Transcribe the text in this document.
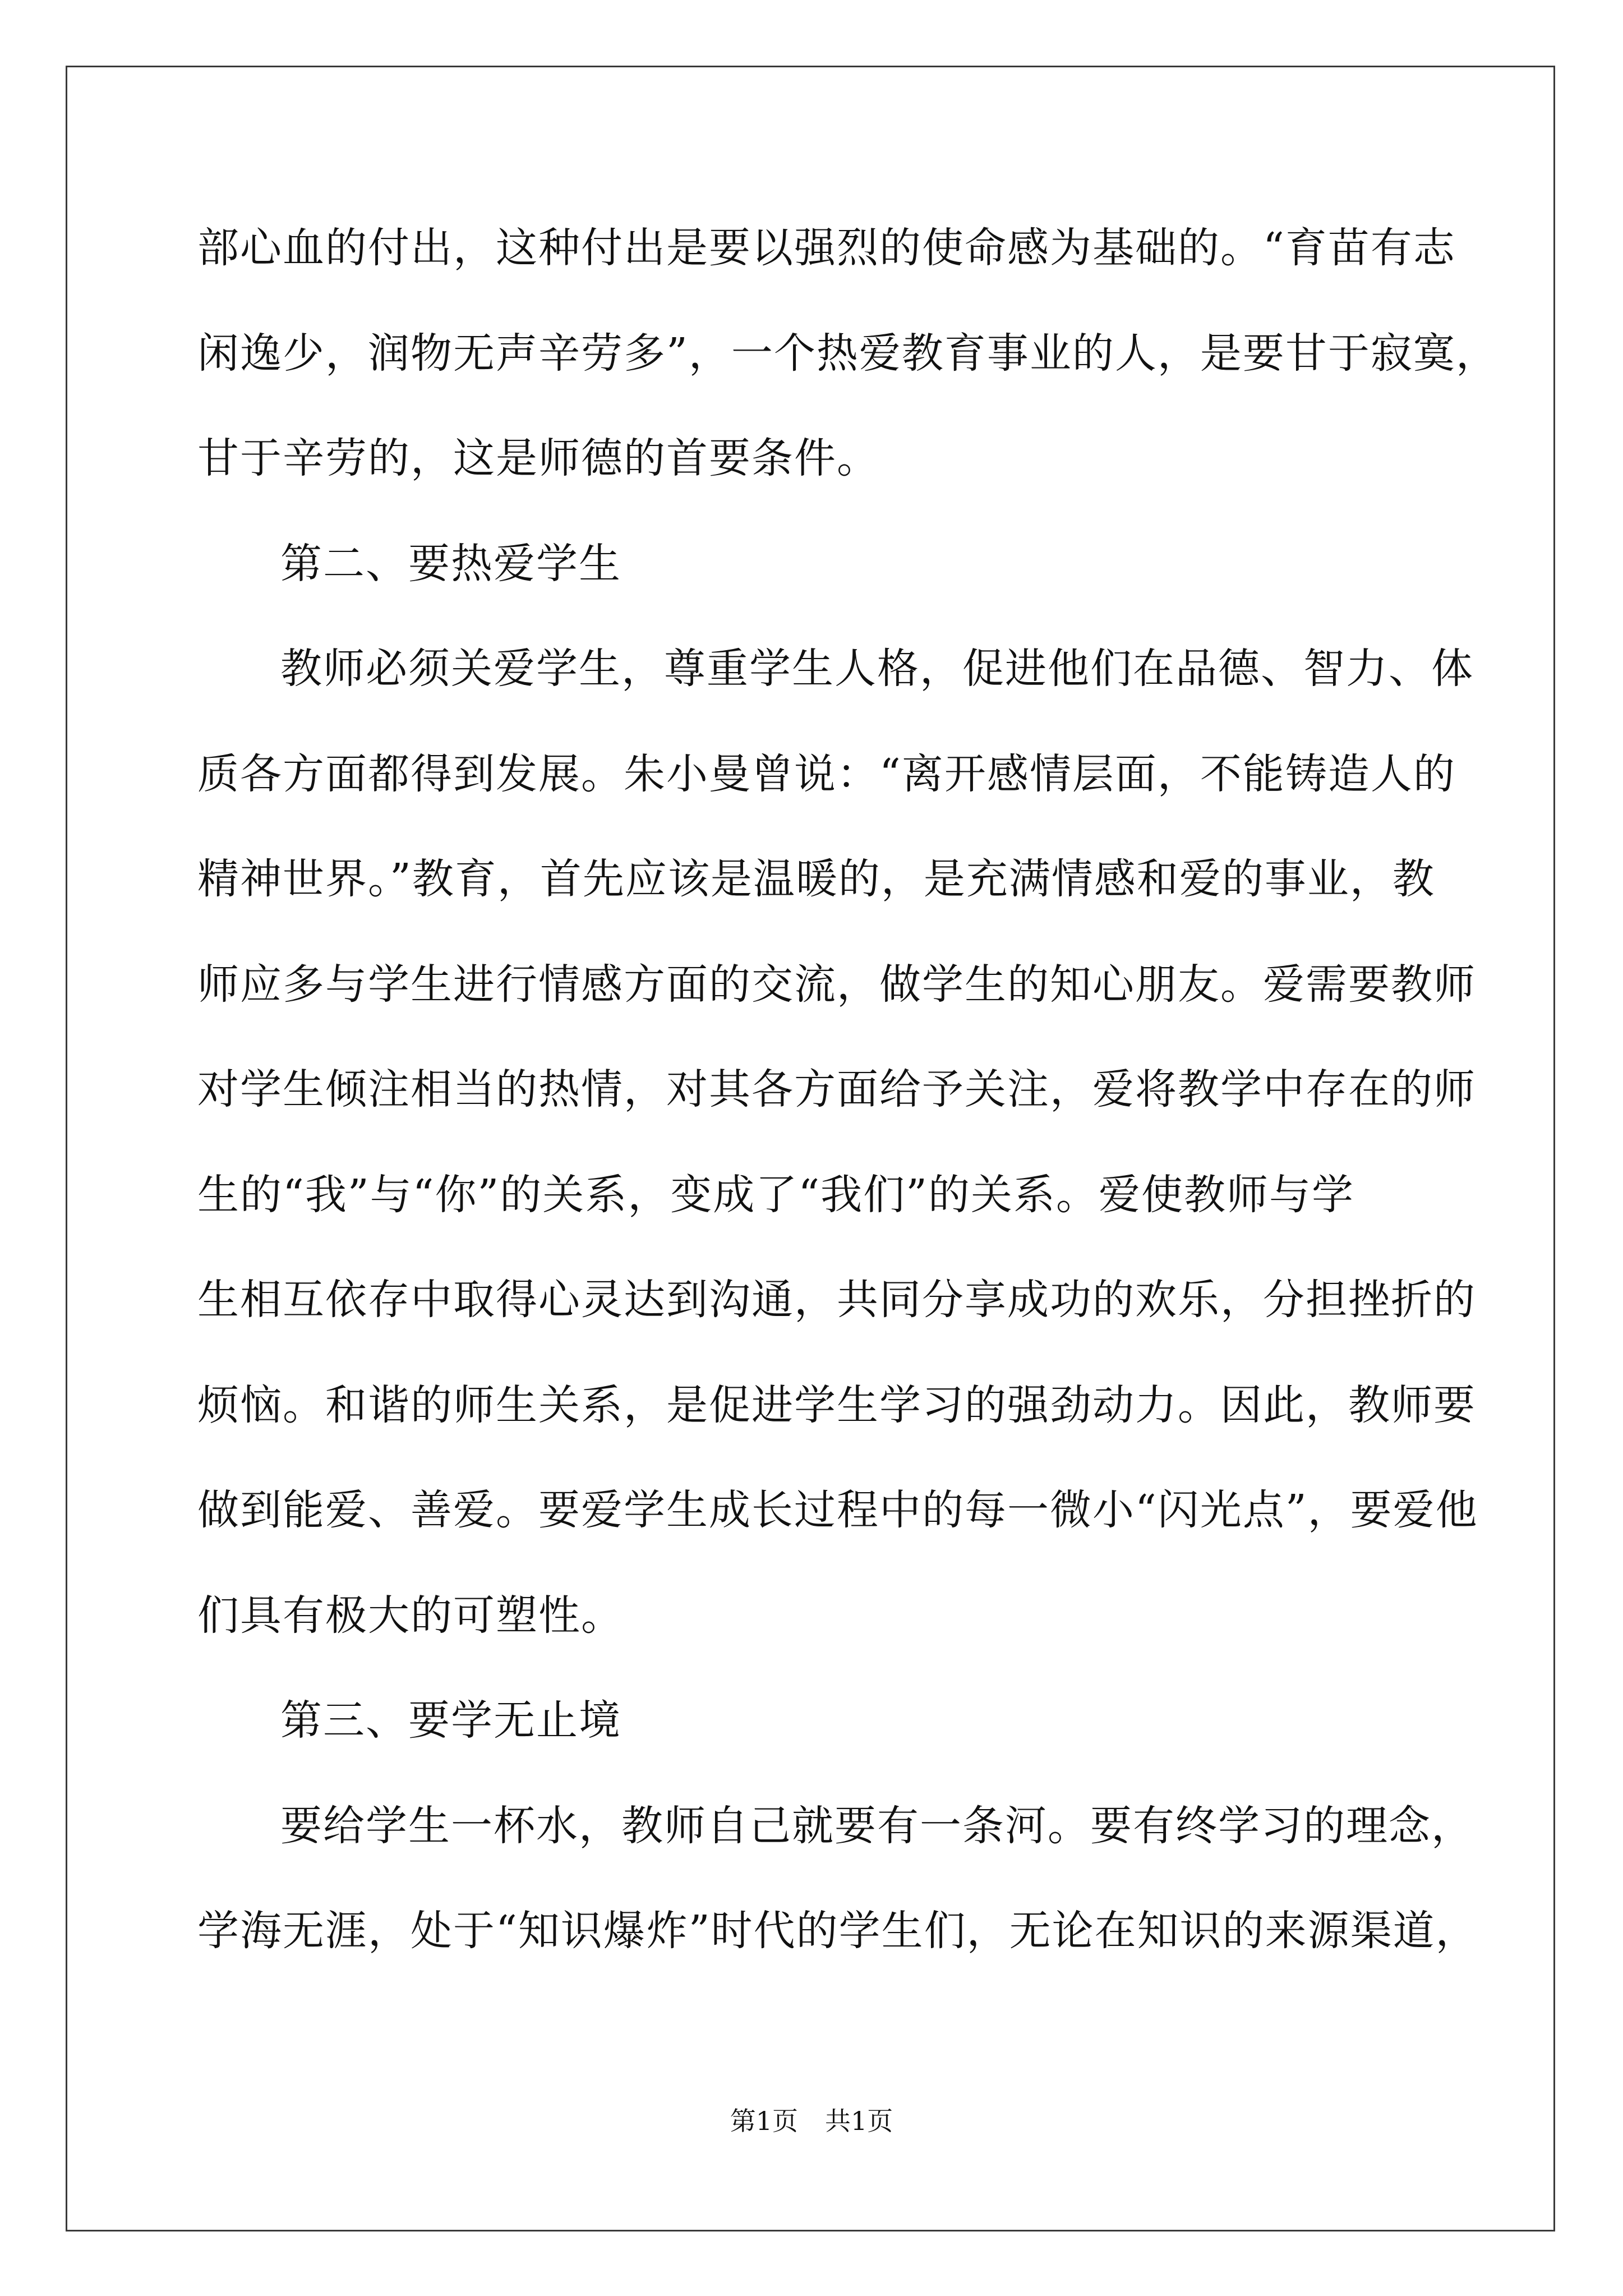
部心血的付出，这种付出是要以强烈的使命感为基础的。“育苗有志
闲逸少，润物无声辛劳多”，一个热爱教育事业的人，是要甘于寂寞，
甘于辛劳的，这是师德的首要条件。
第二、要热爱学生
教师必须关爱学生，尊重学生人格，促进他们在品德、智力、体
质各方面都得到发展。朱小曼曾说：“离开感情层面，不能铸造人的
精神世界。”教育，首先应该是温暖的，是充满情感和爱的事业，教
师应多与学生进行情感方面的交流，做学生的知心朋友。爱需要教师
对学生倾注相当的热情，对其各方面给予关注，爱将教学中存在的师
生的“我”与“你”的关系，变成了“我们”的关系。爱使教师与学
生相互依存中取得心灵达到沟通，共同分享成功的欢乐，分担挫折的
烦恼。和谐的师生关系，是促进学生学习的强劲动力。因此，教师要
做到能爱、善爱。要爱学生成长过程中的每一微小“闪光点”，要爱他
们具有极大的可塑性。
第三、要学无止境
要给学生一杯水，教师自己就要有一条河。要有终学习的理念，
学海无涯，处于“知识爆炸”时代的学生们，无论在知识的来源渠道，
第1页 共1页
